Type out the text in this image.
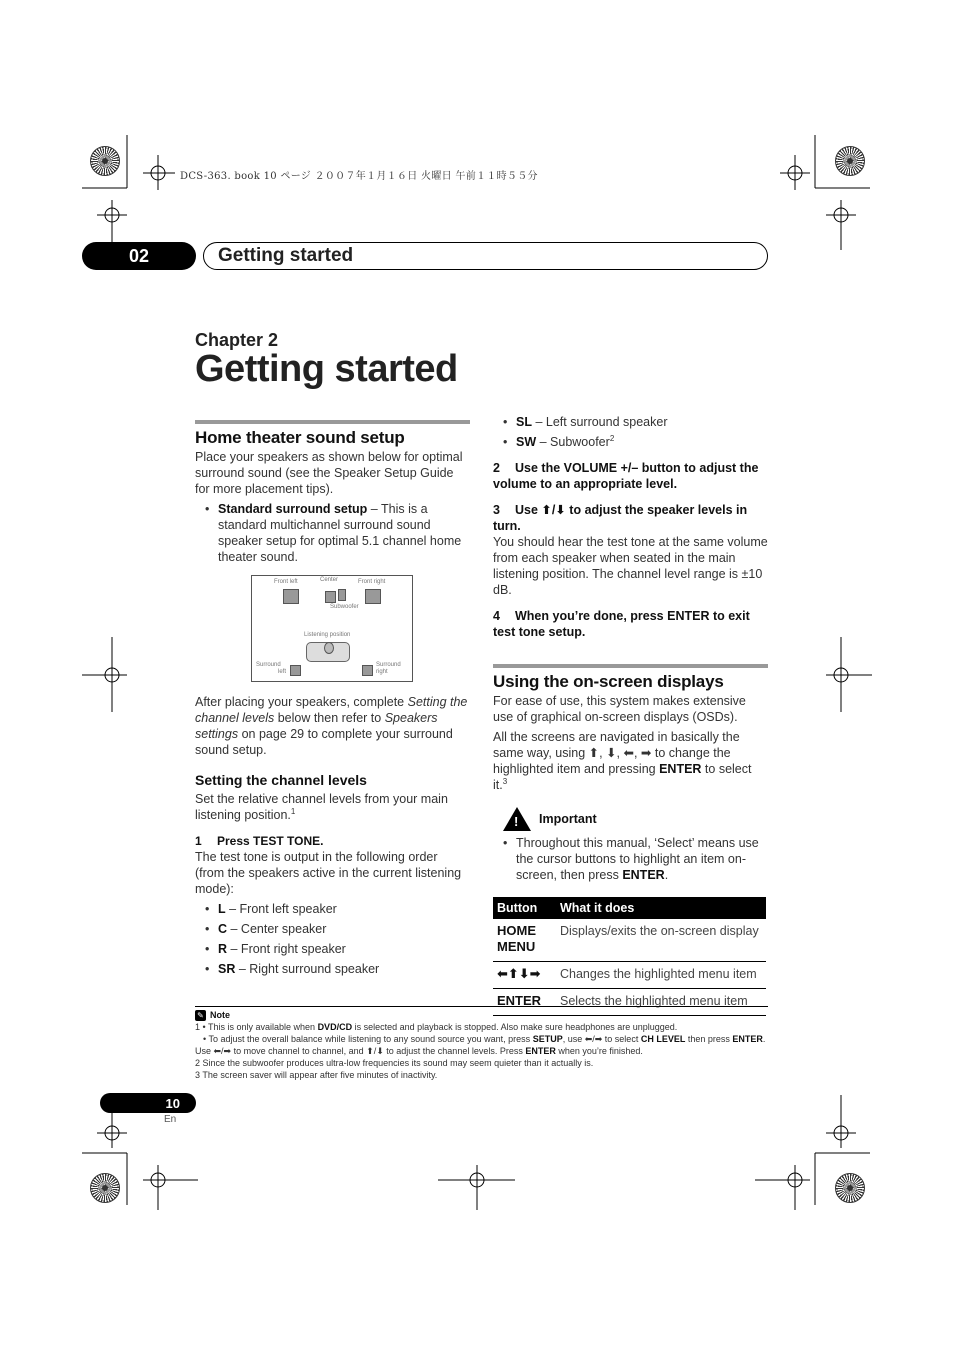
DCS-363. book 10 ページ ２００７年１月１６日 火曜日 午前１１時５５分
02	Getting started
Chapter 2
Getting started
Home theater sound setup

Place your speakers as shown below for optimal surround sound (see the Speaker Setup Guide for more placement tips).

• Standard surround setup – This is a standard multichannel surround sound speaker setup for optimal 5.1 channel home theater sound.
Front left	Center	Front right
Subwoofer
Listening position
Surround
left
Surround
right

After placing your speakers, complete Setting the channel levels below then refer to Speakers settings on page 29 to complete your surround sound setup.

Setting the channel levels

Set the relative channel levels from your main listening position.$^1$

1 Press TEST TONE.

The test tone is output in the following order (from the speakers active in the current listening mode):

• L – Front left speaker
• C – Center speaker
• R – Front right speaker
• SR – Right surround speaker
• SL – Left surround speaker
• SW – Subwoofer$^2$
2 Use the VOLUME +/– button to adjust the volume to an appropriate level.
3 Use ⬆/⬇ to adjust the speaker levels in turn.

You should hear the test tone at the same volume from each speaker when seated in the main listening position. The channel level range is ±10 dB.

4 When you’re done, press ENTER to exit test tone setup.
Using the on-screen displays

For ease of use, this system makes extensive use of graphical on-screen displays (OSDs).

All the screens are navigated in basically the same way, using ⬆, ⬇, ⬅, ➡ to change the highlighted item and pressing ENTER to select it.$^3$

! Important
• Throughout this manual, ‘Select’ means use the cursor buttons to highlight an item on-screen, then press ENTER.
Button	What it does
HOME MENU	Displays/exits the on-screen display
⬅⬆⬇➡	Changes the highlighted menu item
ENTER	Selects the highlighted menu item
✎ Note
1 • This is only available when DVD/CD is selected and playback is stopped. Also make sure headphones are unplugged.
• To adjust the overall balance while listening to any sound source you want, press SETUP, use ⬅/➡ to select CH LEVEL then press ENTER. Use ⬅/➡ to move channel to channel, and ⬆/⬇ to adjust the channel levels. Press ENTER when you’re finished.
2 Since the subwoofer produces ultra-low frequencies its sound may seem quieter than it actually is.
3 The screen saver will appear after five minutes of inactivity.
10
En
